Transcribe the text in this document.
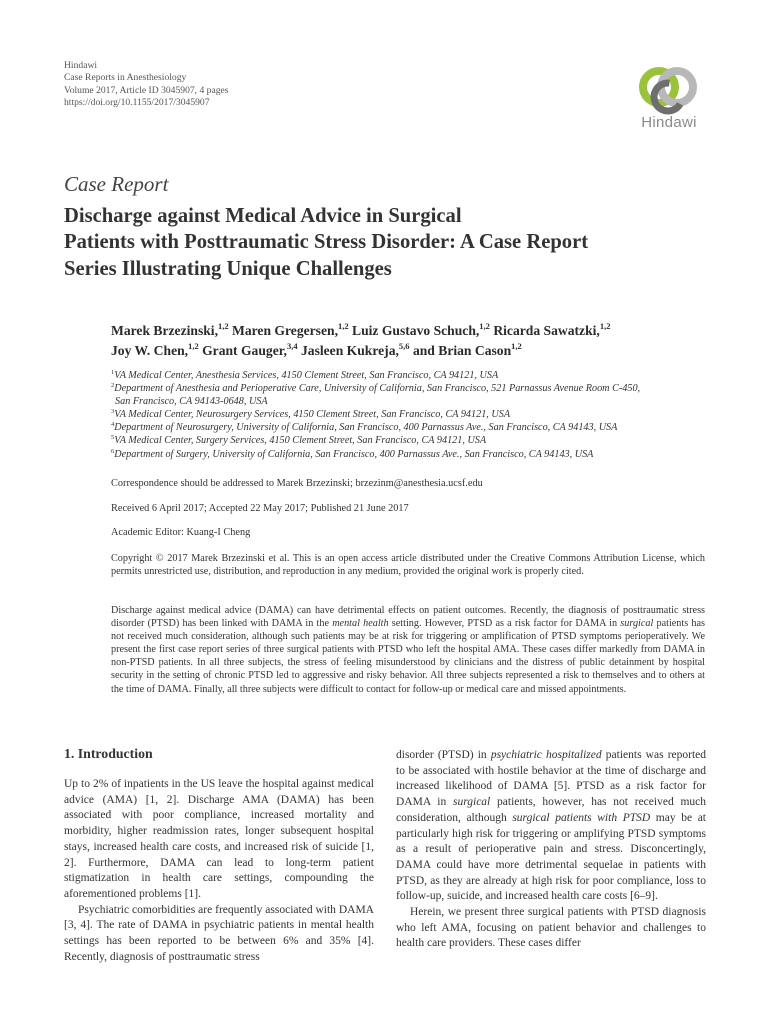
Hindawi
Case Reports in Anesthesiology
Volume 2017, Article ID 3045907, 4 pages
https://doi.org/10.1155/2017/3045907
Hindawi
Case Report
Discharge against Medical Advice in Surgical
Patients with Posttraumatic Stress Disorder: A Case Report
Series Illustrating Unique Challenges
Marek Brzezinski,$^{1,2}$ Maren Gregersen,$^{1,2}$ Luiz Gustavo Schuch,$^{1,2}$ Ricarda Sawatzki,$^{1,2}$
Joy W. Chen,$^{1,2}$ Grant Gauger,$^{3,4}$ Jasleen Kukreja,$^{5,6}$ and Brian Cason$^{1,2}$
$^1$VA Medical Center, Anesthesia Services, 4150 Clement Street, San Francisco, CA 94121, USA
$^2$Department of Anesthesia and Perioperative Care, University of California, San Francisco, 521 Parnassus Avenue Room C-450,
San Francisco, CA 94143-0648, USA
$^3$VA Medical Center, Neurosurgery Services, 4150 Clement Street, San Francisco, CA 94121, USA
$^4$Department of Neurosurgery, University of California, San Francisco, 400 Parnassus Ave., San Francisco, CA 94143, USA
$^5$VA Medical Center, Surgery Services, 4150 Clement Street, San Francisco, CA 94121, USA
$^6$Department of Surgery, University of California, San Francisco, 400 Parnassus Ave., San Francisco, CA 94143, USA
Correspondence should be addressed to Marek Brzezinski; brzezinm@anesthesia.ucsf.edu
Received 6 April 2017; Accepted 22 May 2017; Published 21 June 2017
Academic Editor: Kuang-I Cheng
Copyright © 2017 Marek Brzezinski et al. This is an open access article distributed under the Creative Commons Attribution License, which permits unrestricted use, distribution, and reproduction in any medium, provided the original work is properly cited.
Discharge against medical advice (DAMA) can have detrimental effects on patient outcomes. Recently, the diagnosis of posttraumatic stress disorder (PTSD) has been linked with DAMA in the mental health setting. However, PTSD as a risk factor for DAMA in surgical patients has not received much consideration, although such patients may be at risk for triggering or amplification of PTSD symptoms perioperatively. We present the first case report series of three surgical patients with PTSD who left the hospital AMA. These cases differ markedly from DAMA in non-PTSD patients. In all three subjects, the stress of feeling misunderstood by clinicians and the distress of public detainment by hospital security in the setting of chronic PTSD led to aggressive and risky behavior. All three subjects represented a risk to themselves and to others at the time of DAMA. Finally, all three subjects were difficult to contact for follow-up or medical care and missed appointments.
1. Introduction

Up to 2% of inpatients in the US leave the hospital against medical advice (AMA) [1, 2]. Discharge AMA (DAMA) has been associated with poor compliance, increased mortality and morbidity, higher readmission rates, longer subsequent hospital stays, increased health care costs, and increased risk of suicide [1, 2]. Furthermore, DAMA can lead to long-term patient stigmatization in health care settings, compounding the aforementioned problems [1].

Psychiatric comorbidities are frequently associated with DAMA [3, 4]. The rate of DAMA in psychiatric patients in mental health settings has been reported to be between 6% and 35% [4]. Recently, diagnosis of posttraumatic stress

disorder (PTSD) in psychiatric hospitalized patients was reported to be associated with hostile behavior at the time of discharge and increased likelihood of DAMA [5]. PTSD as a risk factor for DAMA in surgical patients, however, has not received much consideration, although surgical patients with PTSD may be at particularly high risk for triggering or amplifying PTSD symptoms as a result of perioperative pain and stress. Disconcertingly, DAMA could have more detrimental sequelae in patients with PTSD, as they are already at high risk for poor compliance, loss to follow-up, suicide, and increased health care costs [6–9].

Herein, we present three surgical patients with PTSD diagnosis who left AMA, focusing on patient behavior and challenges to health care providers. These cases differ
